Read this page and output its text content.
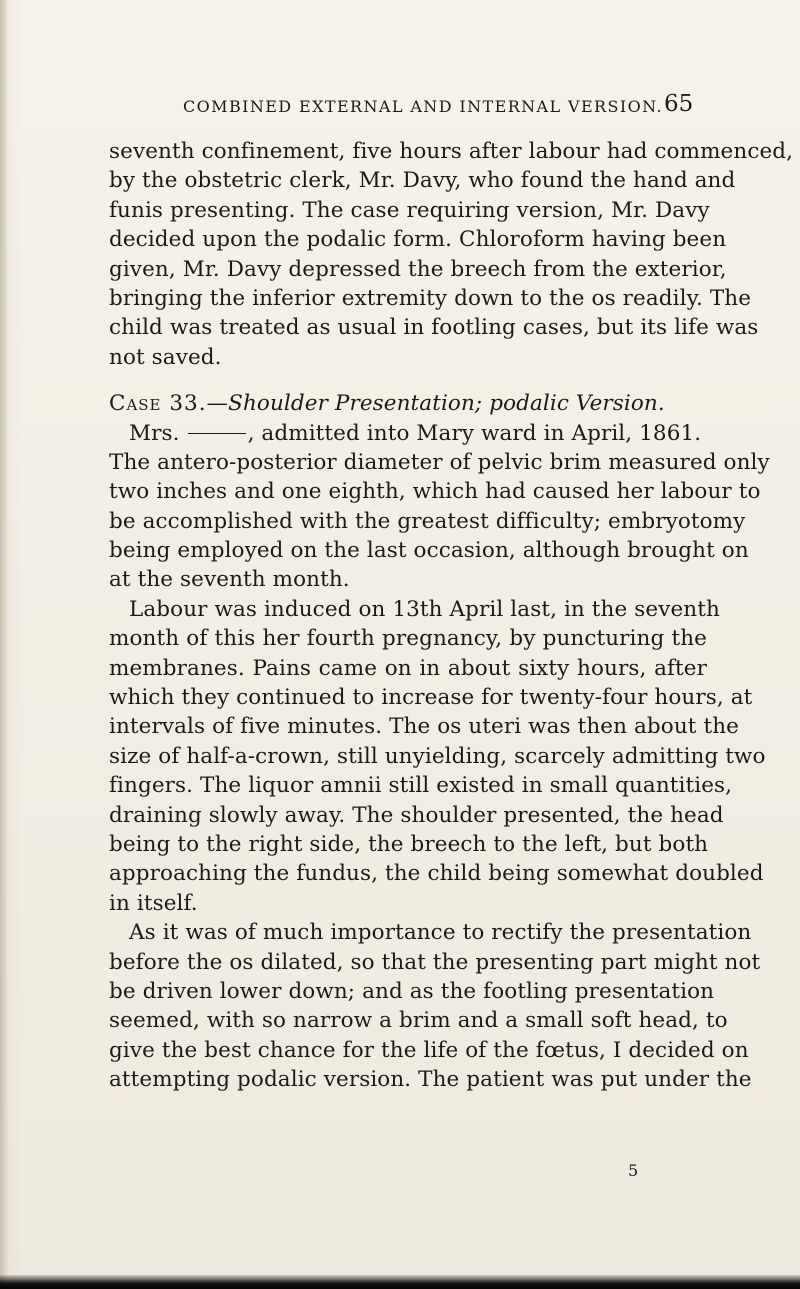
COMBINED EXTERNAL AND INTERNAL VERSION. 65
seventh confinement, five hours after labour had commenced,
by the obstetric clerk, Mr. Davy, who found the hand and
funis presenting. The case requiring version, Mr. Davy
decided upon the podalic form. Chloroform having been
given, Mr. Davy depressed the breech from the exterior,
bringing the inferior extremity down to the os readily. The
child was treated as usual in footling cases, but its life was
not saved.
Case 33.—Shoulder Presentation; podalic Version.
Mrs.	, admitted into Mary ward in April, 1861.
The antero-posterior diameter of pelvic brim measured only
two inches and one eighth, which had caused her labour to
be accomplished with the greatest difficulty; embryotomy
being employed on the last occasion, although brought on
at the seventh month.
Labour was induced on 13th April last, in the seventh
month of this her fourth pregnancy, by puncturing the
membranes. Pains came on in about sixty hours, after
which they continued to increase for twenty-four hours, at
intervals of five minutes. The os uteri was then about the
size of half-a-crown, still unyielding, scarcely admitting two
fingers. The liquor amnii still existed in small quantities,
draining slowly away. The shoulder presented, the head
being to the right side, the breech to the left, but both
approaching the fundus, the child being somewhat doubled
in itself.
As it was of much importance to rectify the presentation
before the os dilated, so that the presenting part might not
be driven lower down; and as the footling presentation
seemed, with so narrow a brim and a small soft head, to
give the best chance for the life of the fœtus, I decided on
attempting podalic version. The patient was put under the
5
